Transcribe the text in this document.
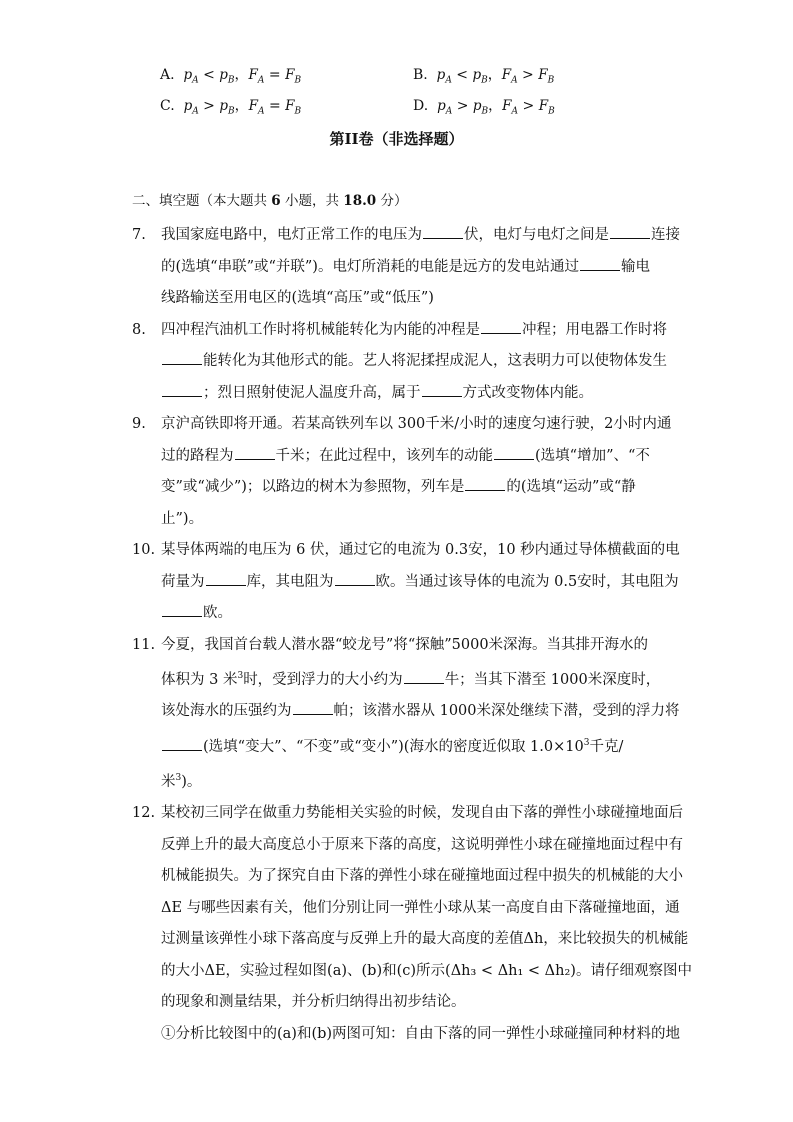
A. $p_A < p_B$，$F_A = F_B$	B. $p_A < p_B$，$F_A > F_B$
C. $p_A > p_B$，$F_A = F_B$	D. $p_A > p_B$，$F_A > F_B$
第II卷（非选择题）
二、填空题（本大题共 6 小题，共 18.0 分）
7. 我国家庭电路中，电灯正常工作的电压为	伏，电灯与电灯之间是	连接
的(选填“串联”或“并联”)。电灯所消耗的电能是远方的发电站通过	输电
线路输送至用电区的(选填“高压”或“低压”)
8. 四冲程汽油机工作时将机械能转化为内能的冲程是	冲程；用电器工作时将
能转化为其他形式的能。艺人将泥揉捏成泥人，这表明力可以使物体发生
；烈日照射使泥人温度升高，属于	方式改变物体内能。
9. 京沪高铁即将开通。若某高铁列车以 300千米/小时的速度匀速行驶，2小时内通
过的路程为	千米；在此过程中，该列车的动能	(选填“增加”、“不
变”或“减少”)；以路边的树木为参照物，列车是	的(选填“运动”或“静
止”)。
10. 某导体两端的电压为 6 伏，通过它的电流为 0.3安，10 秒内通过导体横截面的电
荷量为	库，其电阻为	欧。当通过该导体的电流为 0.5安时，其电阻为
欧。
11. 今夏，我国首台载人潜水器“蛟龙号”将“探触”5000米深海。当其排开海水的
体积为 3 米$^3$时，受到浮力的大小约为	牛；当其下潜至 1000米深度时，
该处海水的压强约为	帕；该潜水器从 1000米深处继续下潜，受到的浮力将
(选填“变大”、“不变”或“变小”)(海水的密度近似取 $1.0\times 10^3$千克/
米$^3$)。
12. 某校初三同学在做重力势能相关实验的时候，发现自由下落的弹性小球碰撞地面后
反弹上升的最大高度总小于原来下落的高度，这说明弹性小球在碰撞地面过程中有
机械能损失。为了探究自由下落的弹性小球在碰撞地面过程中损失的机械能的大小
ΔE 与哪些因素有关，他们分别让同一弹性小球从某一高度自由下落碰撞地面，通
过测量该弹性小球下落高度与反弹上升的最大高度的差值Δh，来比较损失的机械能
的大小ΔE，实验过程如图(a)、(b)和(c)所示(Δh₃ < Δh₁ < Δh₂)。请仔细观察图中
的现象和测量结果，并分析归纳得出初步结论。
①分析比较图中的(a)和(b)两图可知：自由下落的同一弹性小球碰撞同种材料的地
